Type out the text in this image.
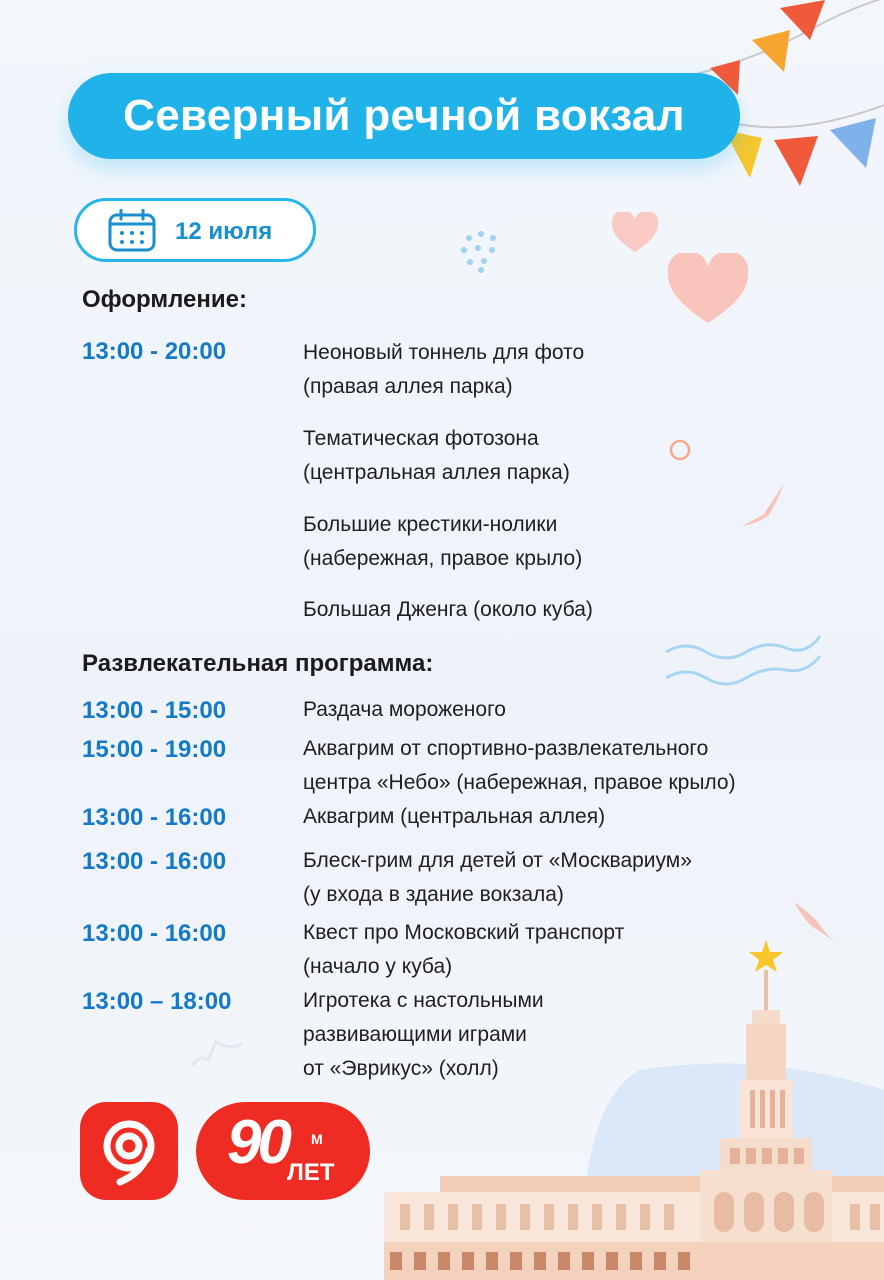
Северный речной вокзал
12 июля
Оформление:
13:00 - 20:00	Неоновый тоннель для фото
(правая аллея парка)
Тематическая фотозона
(центральная аллея парка)
Большие крестики-нолики
(набережная, правое крыло)
Большая Дженга (около куба)
Развлекательная программа:
13:00 - 15:00	Раздача мороженого
15:00 - 19:00	Аквагрим от спортивно-развлекательного
центра «Небо» (набережная, правое крыло)
13:00 - 16:00	Аквагрим (центральная аллея)
13:00 - 16:00	Блеск-грим для детей от «Москвариум»
(у входа в здание вокзала)
13:00 - 16:00	Квест про Московский транспорт
(начало у куба)
13:00 – 18:00	Игротека с настольными
развивающими играми
от «Эврикус» (холл)
90 М
ЛЕТ
